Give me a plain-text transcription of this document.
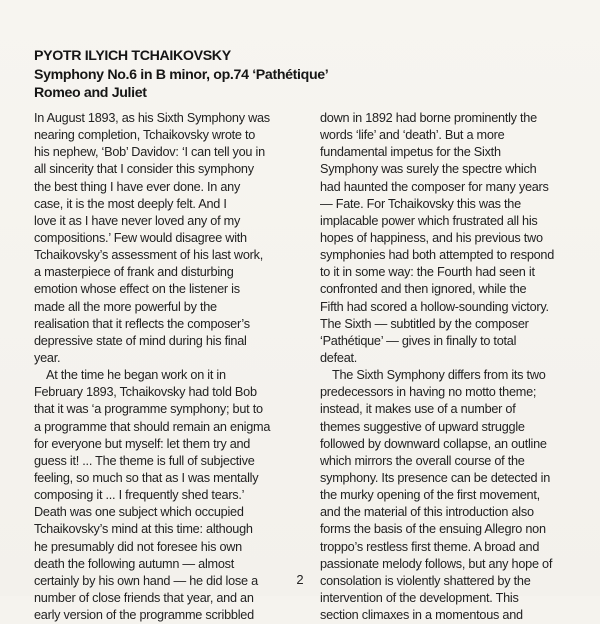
PYOTR ILYICH TCHAIKOVSKY
Symphony No.6 in B minor, op.74 ‘Pathétique’
Romeo and Juliet
In August 1893, as his Sixth Symphony was
nearing completion, Tchaikovsky wrote to
his nephew, ‘Bob’ Davidov: ‘I can tell you in
all sincerity that I consider this symphony
the best thing I have ever done. In any
case, it is the most deeply felt. And I
love it as I have never loved any of my
compositions.’ Few would disagree with
Tchaikovsky’s assessment of his last work,
a masterpiece of frank and disturbing
emotion whose effect on the listener is
made all the more powerful by the
realisation that it reflects the composer’s
depressive state of mind during his final
year.
At the time he began work on it in
February 1893, Tchaikovsky had told Bob
that it was ‘a programme symphony; but to
a programme that should remain an enigma
for everyone but myself: let them try and
guess it! ... The theme is full of subjective
feeling, so much so that as I was mentally
composing it ... I frequently shed tears.’
Death was one subject which occupied
Tchaikovsky’s mind at this time: although
he presumably did not foresee his own
death the following autumn — almost
certainly by his own hand — he did lose a
number of close friends that year, and an
early version of the programme scribbled
down in 1892 had borne prominently the
words ‘life’ and ‘death’. But a more
fundamental impetus for the Sixth
Symphony was surely the spectre which
had haunted the composer for many years
— Fate. For Tchaikovsky this was the
implacable power which frustrated all his
hopes of happiness, and his previous two
symphonies had both attempted to respond
to it in some way: the Fourth had seen it
confronted and then ignored, while the
Fifth had scored a hollow-sounding victory.
The Sixth — subtitled by the composer
‘Pathétique’ — gives in finally to total
defeat.
The Sixth Symphony differs from its two
predecessors in having no motto theme;
instead, it makes use of a number of
themes suggestive of upward struggle
followed by downward collapse, an outline
which mirrors the overall course of the
symphony. Its presence can be detected in
the murky opening of the first movement,
and the material of this introduction also
forms the basis of the ensuing Allegro non
troppo’s restless first theme. A broad and
passionate melody follows, but any hope of
consolation is violently shattered by the
intervention of the development. This
section climaxes in a momentous and
2
